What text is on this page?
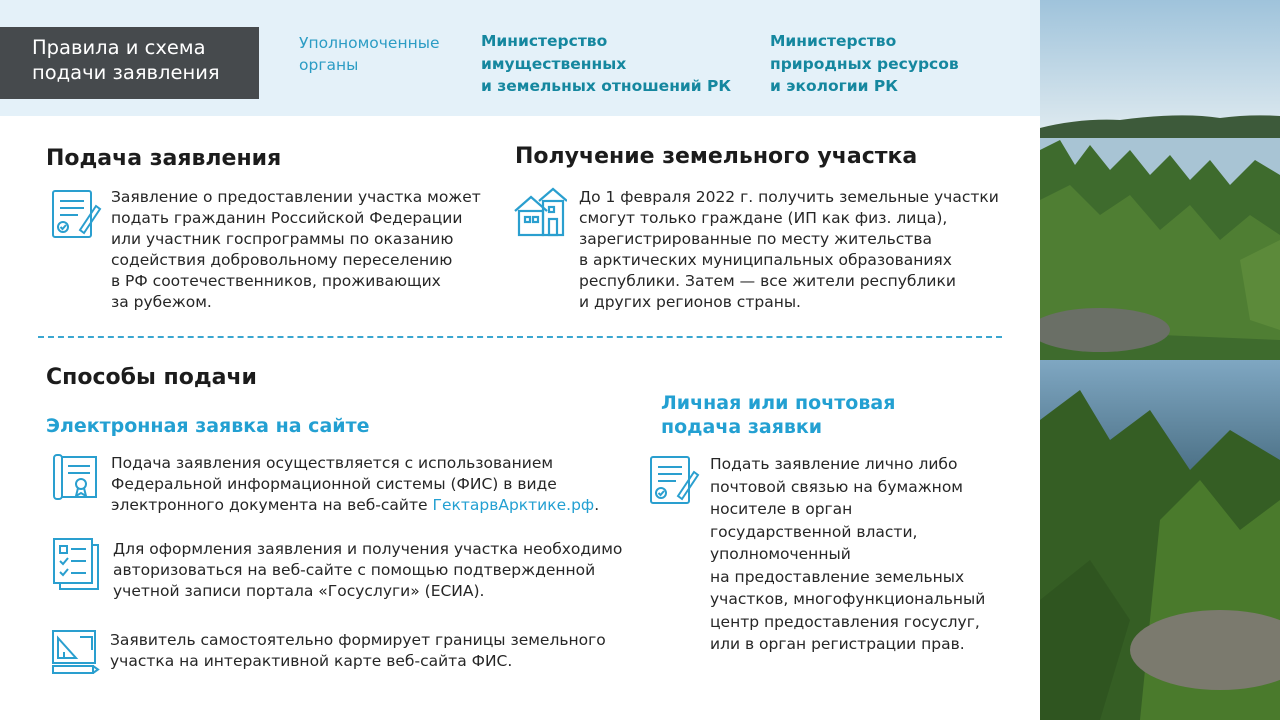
Правила и схема
подачи заявления
Уполномоченные
органы
Министерство
имущественных
и земельных отношений РК
Министерство
природных ресурсов
и экологии РК
Подача заявления
Заявление о предоставлении участка может
подать гражданин Российской Федерации
или участник госпрограммы по оказанию
содействия добровольному переселению
в РФ соотечественников, проживающих
за рубежом.
Получение земельного участка
До 1 февраля 2022 г. получить земельные участки
смогут только граждане (ИП как физ. лица),
зарегистрированные по месту жительства
в арктических муниципальных образованиях
республики. Затем — все жители республики
и других регионов страны.
Способы подачи
Электронная заявка на сайте
Подача заявления осуществляется с использованием
Федеральной информационной системы (ФИС) в виде
электронного документа на веб-сайте ГектарвАрктике.рф.
Для оформления заявления и получения участка необходимо
авторизоваться на веб-сайте с помощью подтвержденной
учетной записи портала «Госуслуги» (ЕСИА).
Заявитель самостоятельно формирует границы земельного
участка на интерактивной карте веб-сайта ФИС.
Личная или почтовая
подача заявки
Подать заявление лично либо
почтовой связью на бумажном
носителе в орган
государственной власти,
уполномоченный
на предоставление земельных
участков, многофункциональный
центр предоставления госуслуг,
или в орган регистрации прав.
